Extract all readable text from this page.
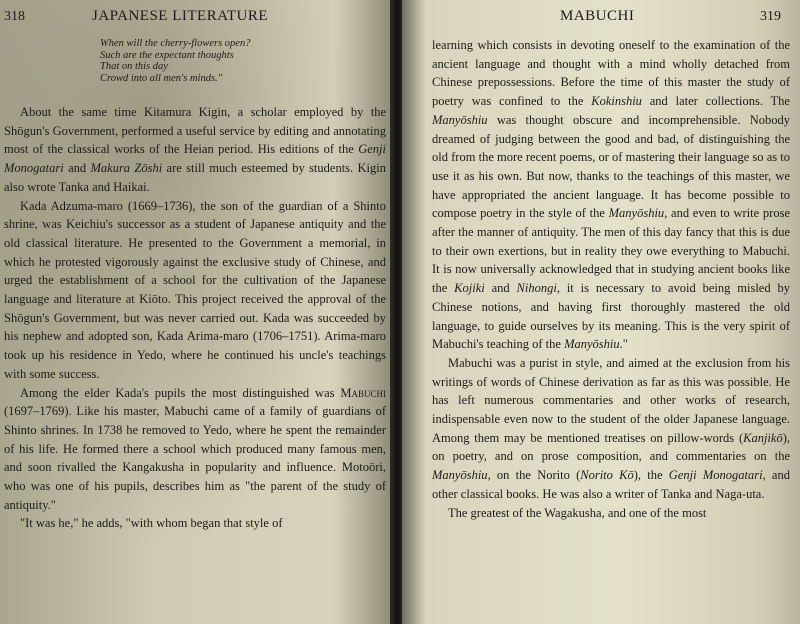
318	JAPANESE LITERATURE
When will the cherry-flowers open?
Such are the expectant thoughts
That on this day
Crowd into all men's minds."

About the same time Kitamura Kigin, a scholar employed by the Shōgun's Government, performed a useful service by editing and annotating most of the classical works of the Heian period. His editions of the Genji Monogatari and Makura Zōshi are still much esteemed by students. Kigin also wrote Tanka and Haikai.

Kada Adzuma-maro (1669–1736), the son of the guardian of a Shinto shrine, was Keichiu's successor as a student of Japanese antiquity and the old classical literature. He presented to the Government a memorial, in which he protested vigorously against the exclusive study of Chinese, and urged the establishment of a school for the cultivation of the Japanese language and literature at Kiōto. This project received the approval of the Shōgun's Government, but was never carried out. Kada was succeeded by his nephew and adopted son, Kada Arima-maro (1706–1751). Arima-maro took up his residence in Yedo, where he continued his uncle's teachings with some success.

Among the elder Kada's pupils the most distinguished was Mabuchi (1697–1769). Like his master, Mabuchi came of a family of guardians of Shinto shrines. In 1738 he removed to Yedo, where he spent the remainder of his life. He formed there a school which produced many famous men, and soon rivalled the Kangakusha in popularity and influence. Motoöri, who was one of his pupils, describes him as "the parent of the study of antiquity."

"It was he," he adds, "with whom began that style of

MABUCHI	319

learning which consists in devoting oneself to the examination of the ancient language and thought with a mind wholly detached from Chinese prepossessions. Before the time of this master the study of poetry was confined to the Kokinshiu and later collections. The Manyōshiu was thought obscure and incomprehensible. Nobody dreamed of judging between the good and bad, of distinguishing the old from the more recent poems, or of mastering their language so as to use it as his own. But now, thanks to the teachings of this master, we have appropriated the ancient language. It has become possible to compose poetry in the style of the Manyōshiu, and even to write prose after the manner of antiquity. The men of this day fancy that this is due to their own exertions, but in reality they owe everything to Mabuchi. It is now universally acknowledged that in studying ancient books like the Kojiki and Nihongi, it is necessary to avoid being misled by Chinese notions, and having first thoroughly mastered the old language, to guide ourselves by its meaning. This is the very spirit of Mabuchi's teaching of the Manyōshiu."

Mabuchi was a purist in style, and aimed at the exclusion from his writings of words of Chinese derivation as far as this was possible. He has left numerous commentaries and other works of research, indispensable even now to the student of the older Japanese language. Among them may be mentioned treatises on pillow-words (Kanjikō), on poetry, and on prose composition, and commentaries on the Manyōshiu, on the Norito (Norito Kō), the Genji Monogatari, and other classical books. He was also a writer of Tanka and Naga-uta.

The greatest of the Wagakusha, and one of the most
